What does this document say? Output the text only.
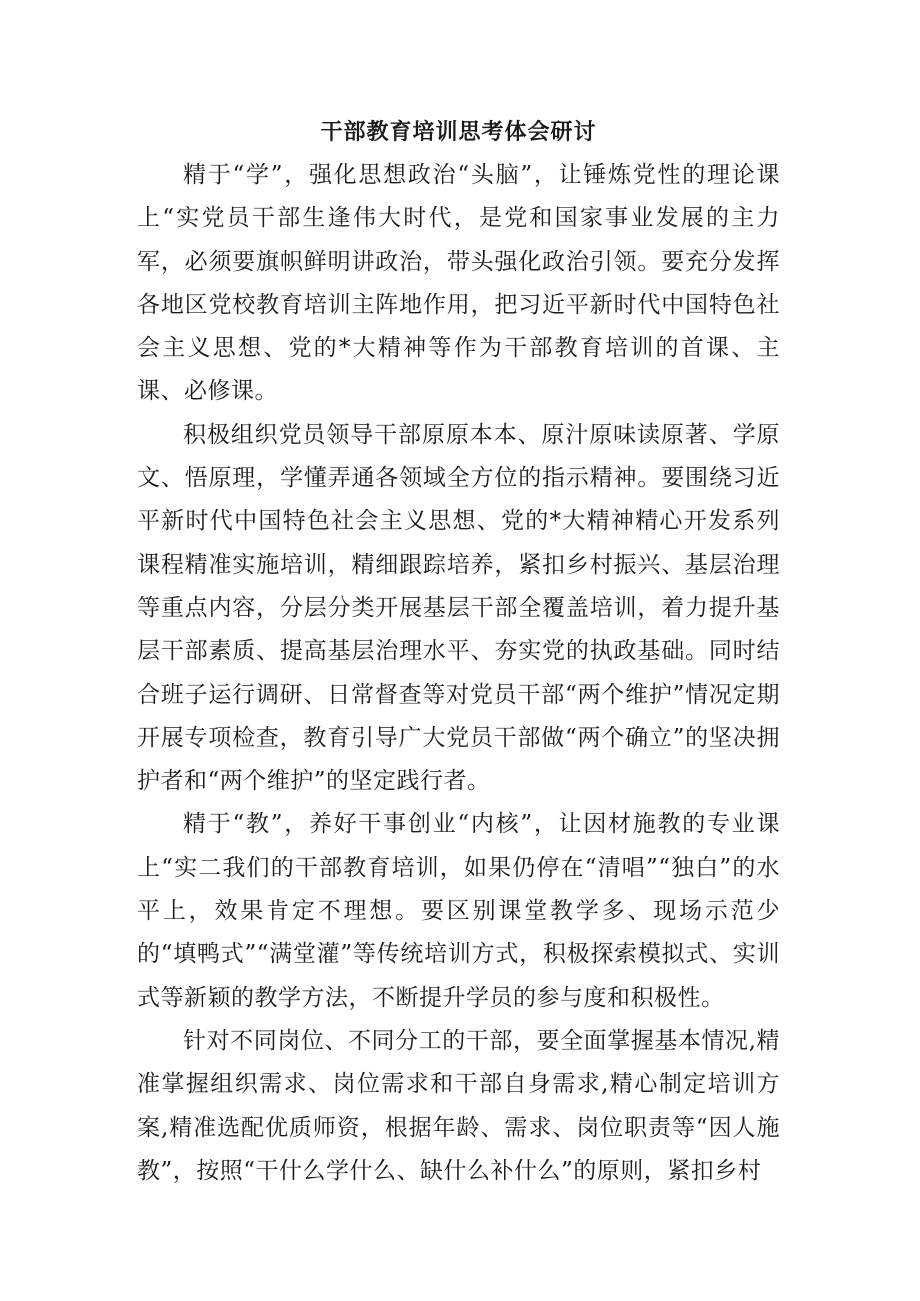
干部教育培训思考体会研讨

精于“学”，强化思想政治“头脑”，让锤炼党性的理论课上“实党员干部生逢伟大时代，是党和国家事业发展的主力军，必须要旗帜鲜明讲政治，带头强化政治引领。要充分发挥各地区党校教育培训主阵地作用，把习近平新时代中国特色社会主义思想、党的*大精神等作为干部教育培训的首课、主课、必修课。

积极组织党员领导干部原原本本、原汁原味读原著、学原文、悟原理，学懂弄通各领域全方位的指示精神。要围绕习近平新时代中国特色社会主义思想、党的*大精神精心开发系列课程精准实施培训，精细跟踪培养，紧扣乡村振兴、基层治理等重点内容，分层分类开展基层干部全覆盖培训，着力提升基层干部素质、提高基层治理水平、夯实党的执政基础。同时结合班子运行调研、日常督查等对党员干部“两个维护”情况定期开展专项检查，教育引导广大党员干部做“两个确立”的坚决拥护者和“两个维护”的坚定践行者。

精于“教”，养好干事创业“内核”，让因材施教的专业课上“实二我们的干部教育培训，如果仍停在“清唱”“独白”的水平上，效果肯定不理想。要区别课堂教学多、现场示范少的“填鸭式”“满堂灌”等传统培训方式，积极探索模拟式、实训式等新颖的教学方法，不断提升学员的参与度和积极性。

针对不同岗位、不同分工的干部，要全面掌握基本情况,精准掌握组织需求、岗位需求和干部自身需求,精心制定培训方案,精准选配优质师资，根据年龄、需求、岗位职责等“因人施教”，按照“干什么学什么、缺什么补什么”的原则，紧扣乡村
